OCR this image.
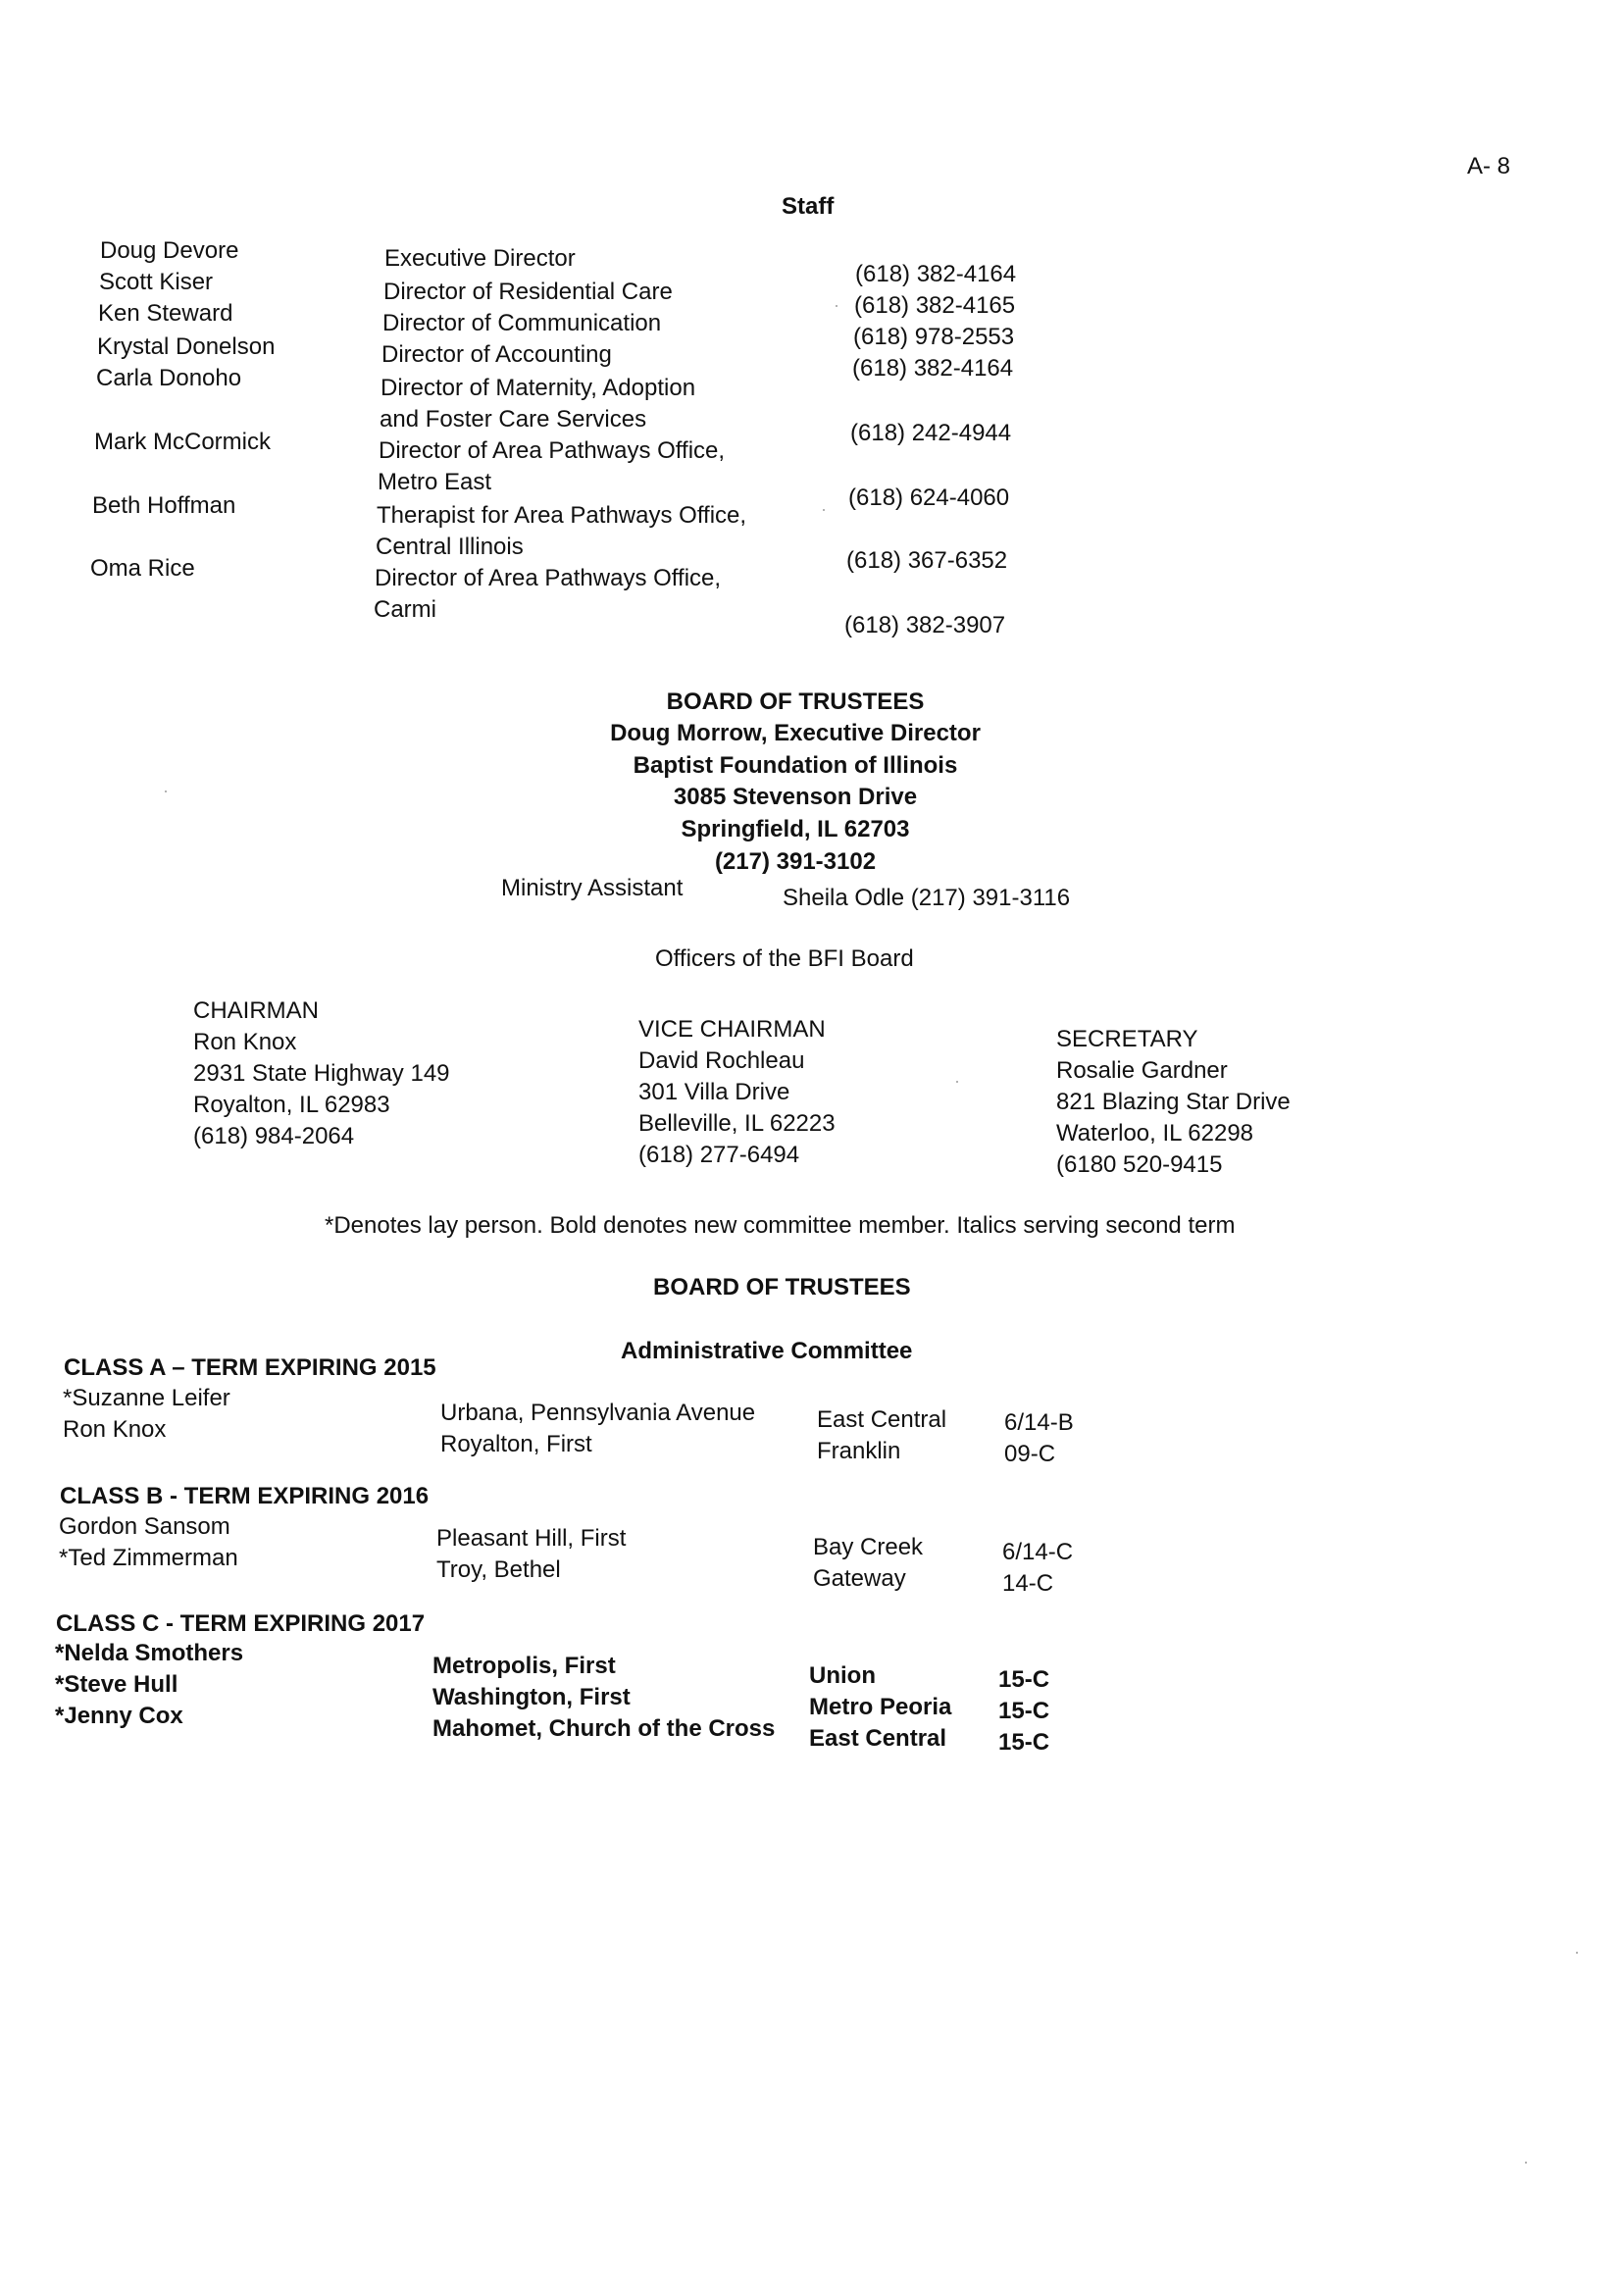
A- 8
Staff
Doug Devore
Scott Kiser
Ken Steward
Krystal Donelson
Carla Donoho
Mark McCormick
Beth Hoffman
Oma Rice
Executive Director
Director of Residential Care
Director of Communication
Director of Accounting
Director of Maternity, Adoption
and Foster Care Services
Director of Area Pathways Office,
Metro East
Therapist for Area Pathways Office,
Central Illinois
Director of Area Pathways Office,
Carmi
(618) 382-4164
(618) 382-4165
(618) 978-2553
(618) 382-4164
(618) 242-4944
(618) 624-4060
(618) 367-6352
(618) 382-3907
BOARD OF TRUSTEES
Doug Morrow, Executive Director
Baptist Foundation of Illinois
3085 Stevenson Drive
Springfield, IL 62703
(217) 391-3102
Ministry Assistant	Sheila Odle (217) 391-3116
Officers of the BFI Board
CHAIRMAN
Ron Knox
2931 State Highway 149
Royalton, IL 62983
(618) 984-2064
VICE CHAIRMAN
David Rochleau
301 Villa Drive
Belleville, IL 62223
(618) 277-6494
SECRETARY
Rosalie Gardner
821 Blazing Star Drive
Waterloo, IL 62298
(6180 520-9415
*Denotes lay person. Bold denotes new committee member. Italics serving second term
BOARD OF TRUSTEES
Administrative Committee
CLASS A – TERM EXPIRING 2015
*Suzanne Leifer
Ron Knox
Urbana, Pennsylvania Avenue
Royalton, First
East Central
Franklin
6/14-B
09-C
CLASS B - TERM EXPIRING 2016
Gordon Sansom
*Ted Zimmerman
Pleasant Hill, First
Troy, Bethel
Bay Creek
Gateway
6/14-C
14-C
CLASS C - TERM EXPIRING 2017
*Nelda Smothers
*Steve Hull
*Jenny Cox
Metropolis, First
Washington, First
Mahomet, Church of the Cross
Union
Metro Peoria
East Central
15-C
15-C
15-C
